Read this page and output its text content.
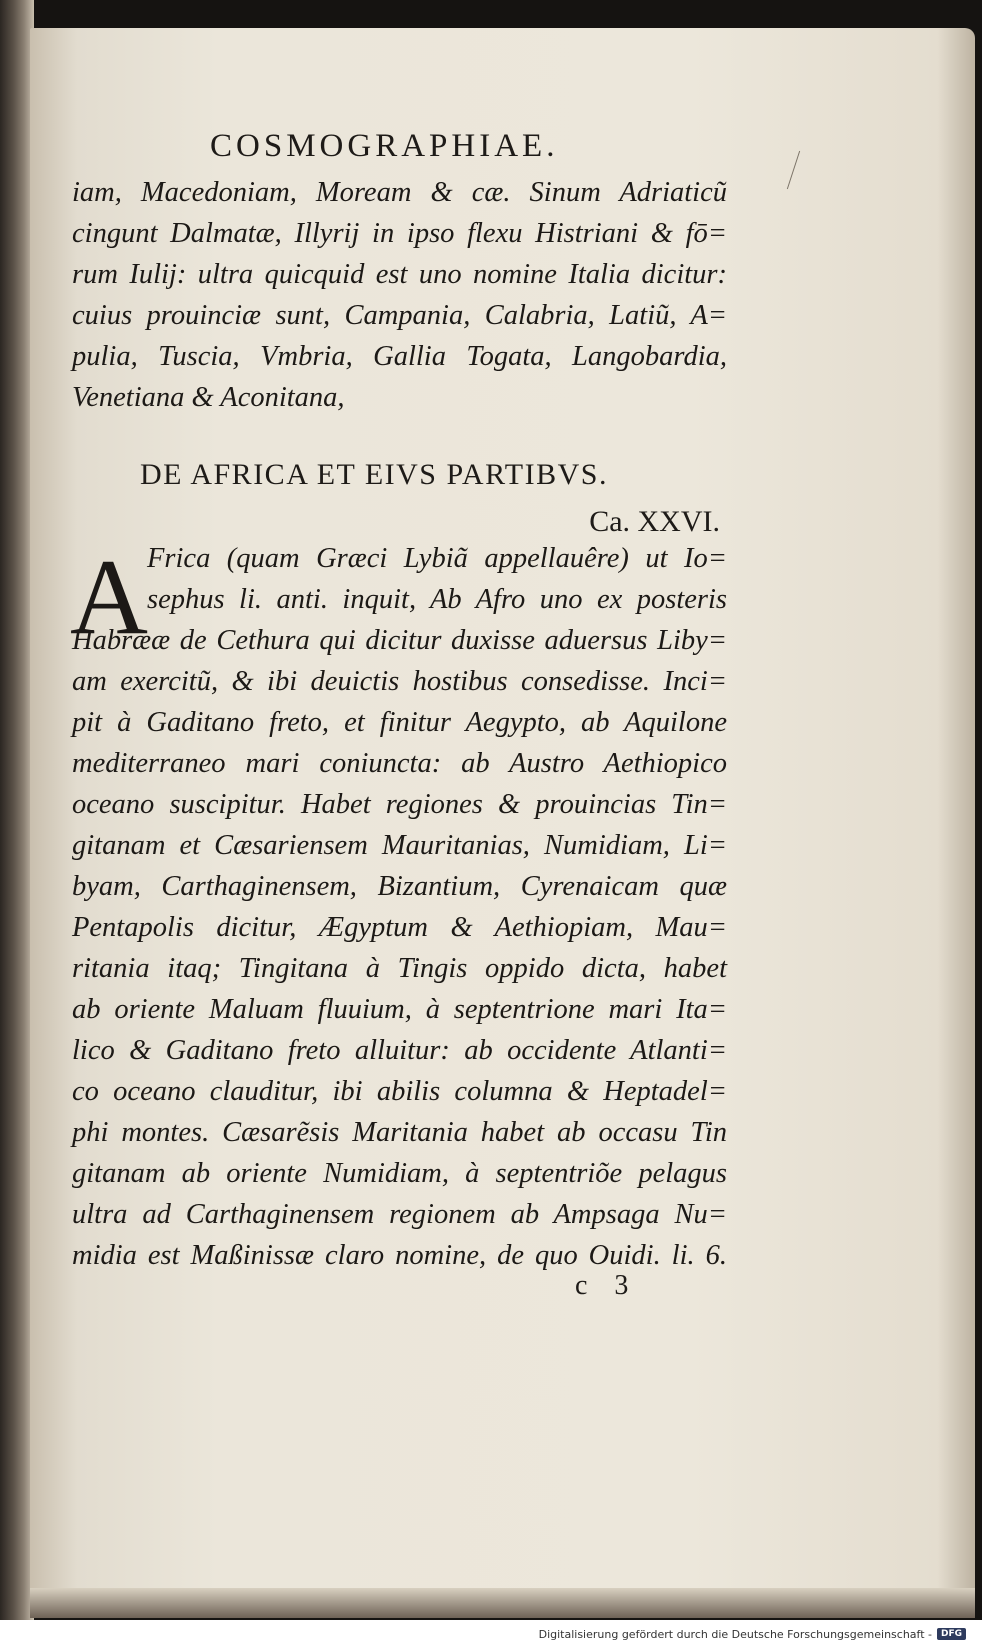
COSMOGRAPHIAE.
iam, Macedoniam, Moream & cæ. Sinum Adriaticũ
cingunt Dalmatæ, Illyrij in ipso flexu Histriani & fō=
rum Iulij: ultra quicquid est uno nomine Italia dicitur:
cuius prouinciæ sunt, Campania, Calabria, Latiũ, A=
pulia, Tuscia, Vmbria, Gallia Togata, Langobardia,
Venetiana & Aconitana,
DE AFRICA ET EIVS PARTIBVS.
Ca. XXVI.
A Frica (quam Græci Lybiã appellauêre) ut Io=
sephus li. anti. inquit, Ab Afro uno ex posteris
Habrææ de Cethura qui dicitur duxisse aduersus Liby=
am exercitũ, & ibi deuictis hostibus consedisse. Inci=
pit à Gaditano freto, et finitur Aegypto, ab Aquilone
mediterraneo mari coniuncta: ab Austro Aethiopico
oceano suscipitur. Habet regiones & prouincias Tin=
gitanam et Cæsariensem Mauritanias, Numidiam, Li=
byam, Carthaginensem, Bizantium, Cyrenaicam quæ
Pentapolis dicitur, Ægyptum & Aethiopiam, Mau=
ritania itaq; Tingitana à Tingis oppido dicta, habet
ab oriente Maluam fluuium, à septentrione mari Ita=
lico & Gaditano freto alluitur: ab occidente Atlanti=
co oceano clauditur, ibi abilis columna & Heptadel=
phi montes. Cæsarẽsis Maritania habet ab occasu Tin
gitanam ab oriente Numidiam, à septentriõe pelagus
ultra ad Carthaginensem regionem ab Ampsaga Nu=
midia est Maßinissæ claro nomine, de quo Ouidi. li. 6.
c 3
Digitalisierung gefördert durch die Deutsche Forschungsgemeinschaft -	DFG
